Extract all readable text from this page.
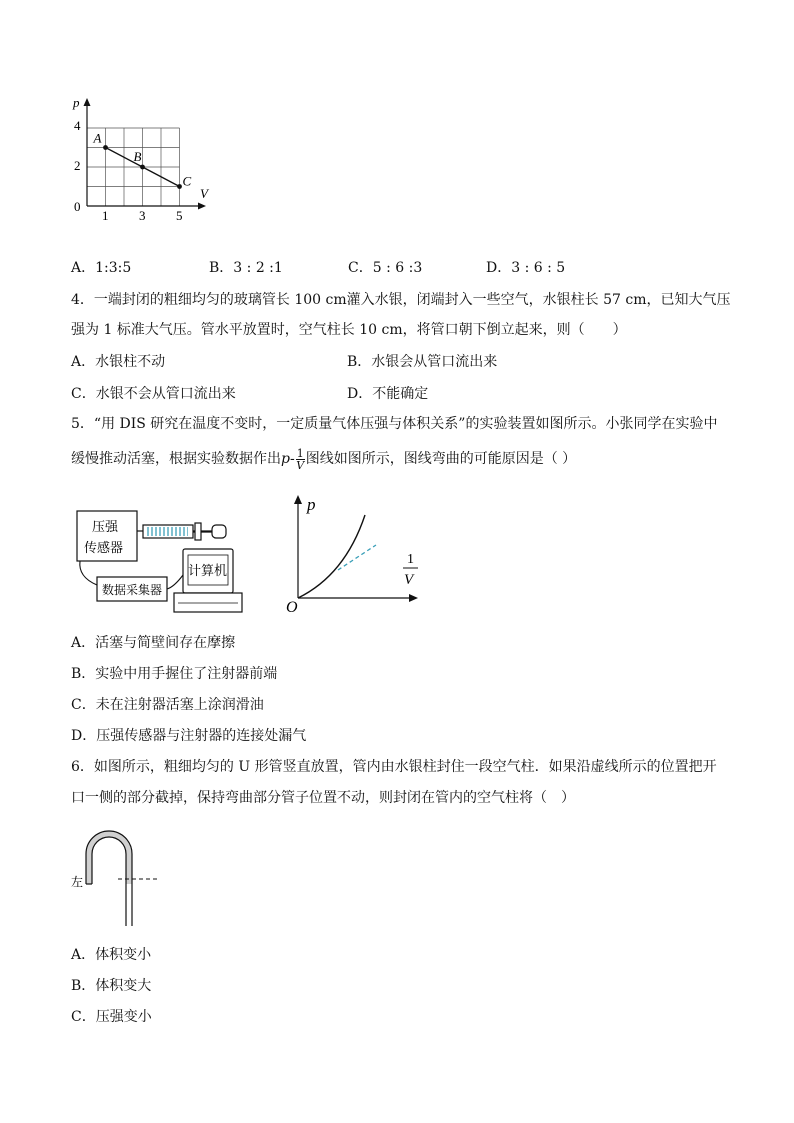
p
V
0
4
2
1 3 5
A
B
C
A．1:3:5	B．3 : 2 :1	C．5 : 6 :3	D．3 : 6 : 5
4．一端封闭的粗细均匀的玻璃管长 100 cm灌入水银，闭端封入一些空气，水银柱长 57 cm，已知大气压
强为 1 标准大气压。管水平放置时，空气柱长 10 cm，将管口朝下倒立起来，则（　　）
A．水银柱不动	B．水银会从管口流出来
C．水银不会从管口流出来	D．不能确定
5．“用 DIS 研究在温度不变时，一定质量气体压强与体积关系”的实验装置如图所示。小张同学在实验中
缓慢推动活塞，根据实验数据作出$p- \frac{1}{V}$ 图线如图所示，图线弯曲的可能原因是（ ）
压强
传感器
数据采集器
计算机
p
O
1
V
A．活塞与简壁间存在摩擦
B．实验中用手握住了注射器前端
C．未在注射器活塞上涂润滑油
D．压强传感器与注射器的连接处漏气
6．如图所示，粗细均匀的 U 形管竖直放置，管内由水银柱封住一段空气柱．如果沿虚线所示的位置把开
口一侧的部分截掉，保持弯曲部分管子位置不动，则封闭在管内的空气柱将（　）
左
A．体积变小
B．体积变大
C．压强变小
